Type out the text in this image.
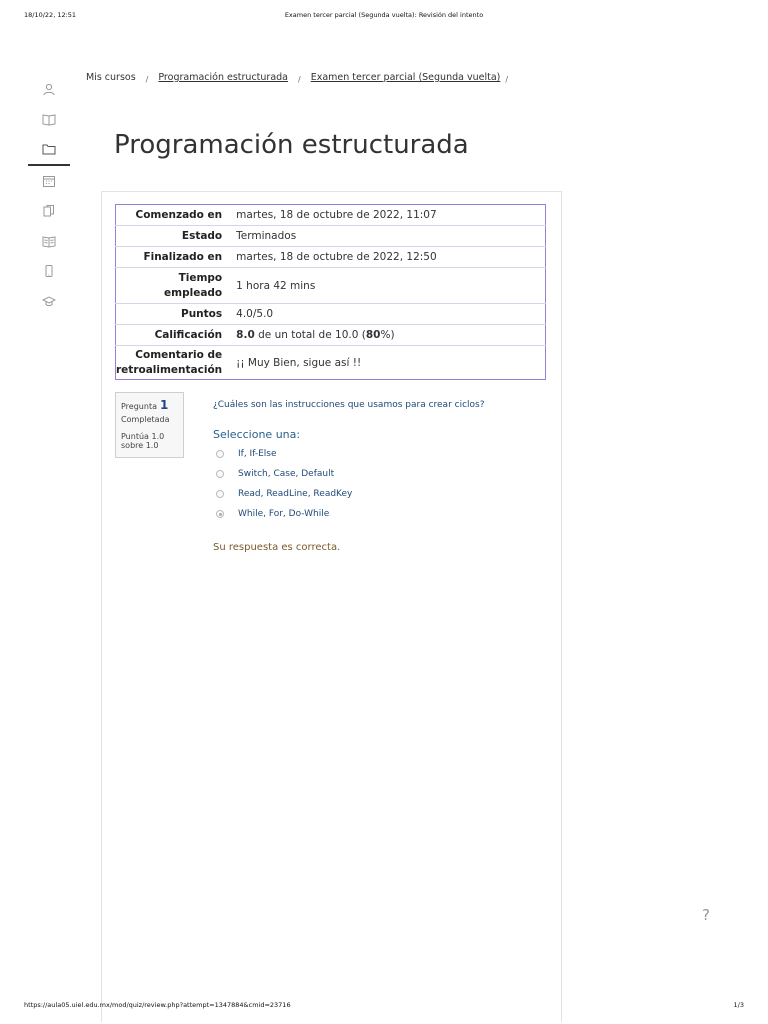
18/10/22, 12:51	Examen tercer parcial (Segunda vuelta): Revisión del intento
Mis cursos / Programación estructurada / Examen tercer parcial (Segunda vuelta) /
Programación estructurada
Comenzado en	martes, 18 de octubre de 2022, 11:07
Estado	Terminados
Finalizado en	martes, 18 de octubre de 2022, 12:50
Tiempo
empleado	1 hora 42 mins
Puntos	4.0/5.0
Calificación	8.0 de un total de 10.0 (80%)
Comentario de
retroalimentación	¡¡ Muy Bien, sigue así !!
Pregunta 1
Completada
Puntúa 1.0
sobre 1.0
¿Cuáles son las instrucciones que usamos para crear ciclos?
Seleccione una:
If, If-Else
Switch, Case, Default
Read, ReadLine, ReadKey
While, For, Do-While
Su respuesta es correcta.
?
https://aula05.uiel.edu.mx/mod/quiz/review.php?attempt=1347884&cmid=23716	1/3
